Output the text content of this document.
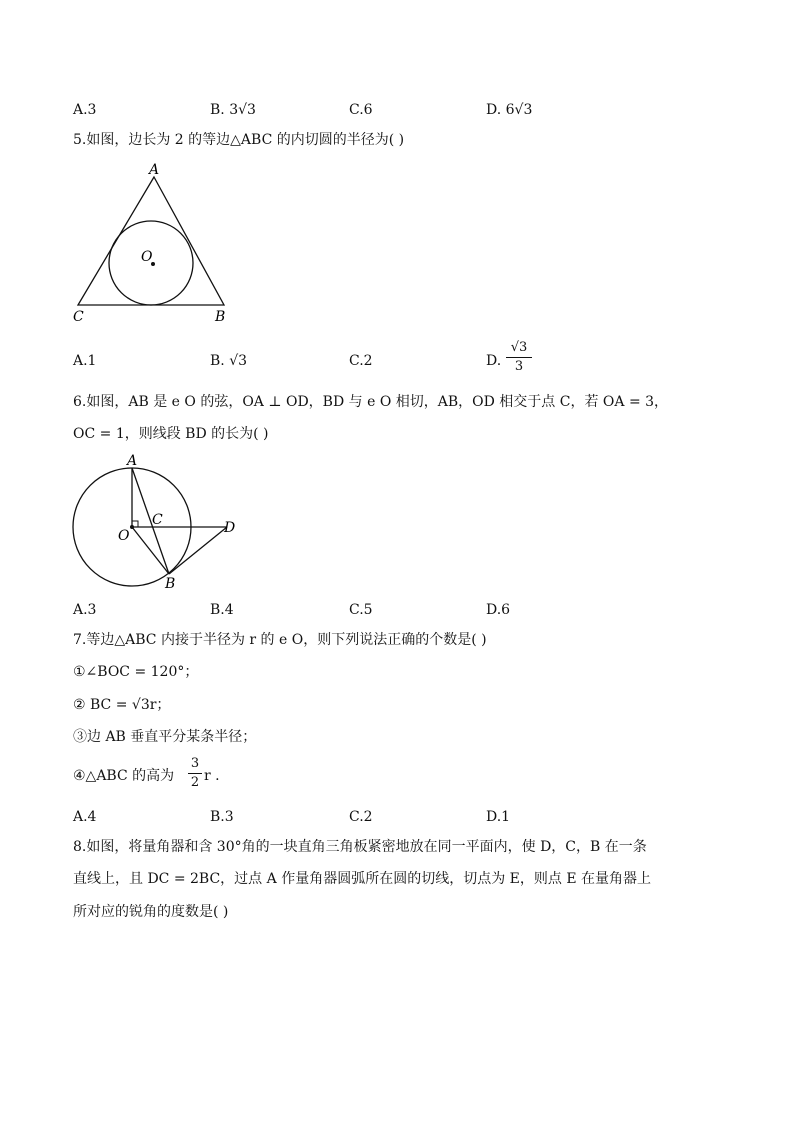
A.3	B. 3√3	C.6	D. 6√3
5.如图，边长为 2 的等边△ABC 的内切圆的半径为( )
A
O
C	B
A.1	B. √3	C.2	D.
√3
3
6.如图，AB 是 e O 的弦，OA ⊥ OD，BD 与 e O 相切，AB，OD 相交于点 C，若 OA = 3，
OC = 1，则线段 BD 的长为( )
A
C	D
O
B
A.3	B.4	C.5	D.6
7.等边△ABC 内接于半径为 r 的 e O，则下列说法正确的个数是( )
①∠BOC = 120°；
② BC = √3r；
③边 AB 垂直平分某条半径；
④△ABC 的高为
3
2 r .
A.4	B.3	C.2	D.1
8.如图，将量角器和含 30°角的一块直角三角板紧密地放在同一平面内，使 D，C，B 在一条
直线上，且 DC = 2BC，过点 A 作量角器圆弧所在圆的切线，切点为 E，则点 E 在量角器上
所对应的锐角的度数是( )
